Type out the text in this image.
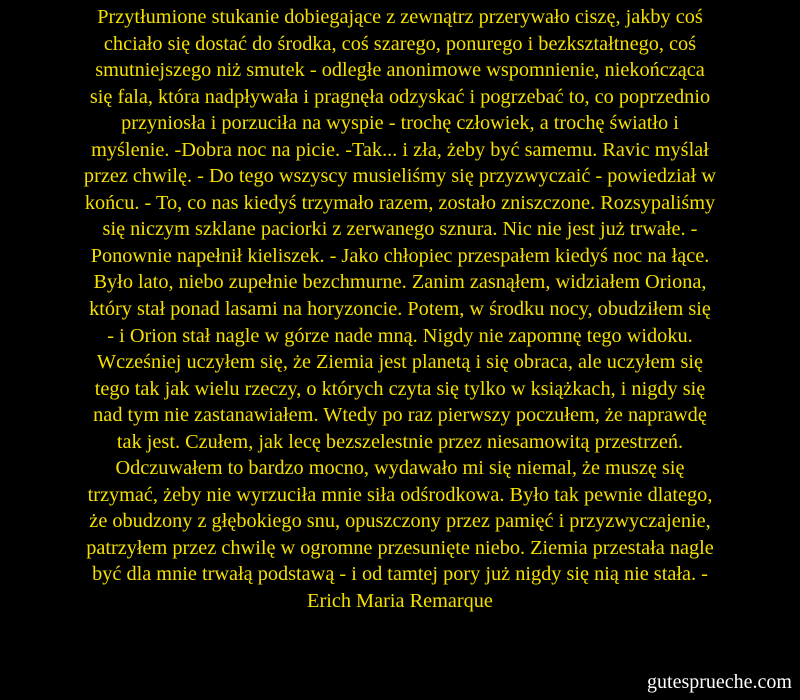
Przytłumione stukanie dobiegające z zewnątrz przerywało ciszę, jakby coś
chciało się dostać do środka, coś szarego, ponurego i bezkształtnego, coś
smutniejszego niż smutek - odległe anonimowe wspomnienie, niekończąca
się fala, która nadpływała i pragnęła odzyskać i pogrzebać to, co poprzednio
przyniosła i porzuciła na wyspie - trochę człowiek, a trochę światło i
myślenie. -Dobra noc na picie. -Tak... i zła, żeby być samemu. Ravic myślał
przez chwilę. - Do tego wszyscy musieliśmy się przyzwyczaić - powiedział w
końcu. - To, co nas kiedyś trzymało razem, zostało zniszczone. Rozsypaliśmy
się niczym szklane paciorki z zerwanego sznura. Nic nie jest już trwałe. -
Ponownie napełnił kieliszek. - Jako chłopiec przespałem kiedyś noc na łące.
Było lato, niebo zupełnie bezchmurne. Zanim zasnąłem, widziałem Oriona,
który stał ponad lasami na horyzoncie. Potem, w środku nocy, obudziłem się
- i Orion stał nagle w górze nade mną. Nigdy nie zapomnę tego widoku.
Wcześniej uczyłem się, że Ziemia jest planetą i się obraca, ale uczyłem się
tego tak jak wielu rzeczy, o których czyta się tylko w książkach, i nigdy się
nad tym nie zastanawiałem. Wtedy po raz pierwszy poczułem, że naprawdę
tak jest. Czułem, jak lecę bezszelestnie przez niesamowitą przestrzeń.
Odczuwałem to bardzo mocno, wydawało mi się niemal, że muszę się
trzymać, żeby nie wyrzuciła mnie siła odśrodkowa. Było tak pewnie dlatego,
że obudzony z głębokiego snu, opuszczony przez pamięć i przyzwyczajenie,
patrzyłem przez chwilę w ogromne przesunięte niebo. Ziemia przestała nagle
być dla mnie trwałą podstawą - i od tamtej pory już nigdy się nią nie stała. -
Erich Maria Remarque
gutesprueche.com
